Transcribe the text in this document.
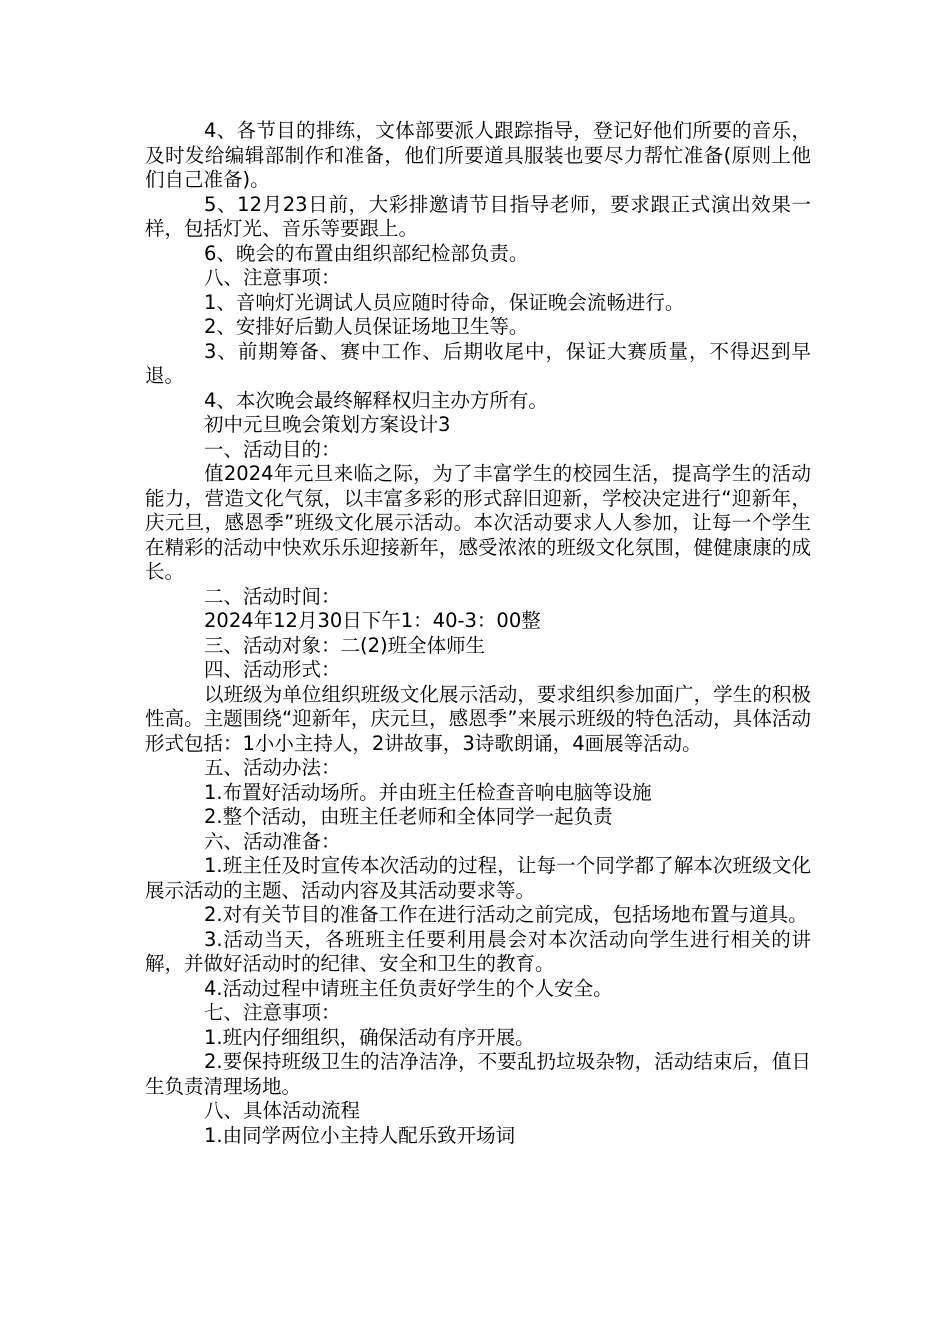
4、各节目的排练，文体部要派人跟踪指导，登记好他们所要的音乐，及时发给编辑部制作和准备，他们所要道具服装也要尽力帮忙准备(原则上他们自己准备)。

5、12月23日前，大彩排邀请节目指导老师，要求跟正式演出效果一样，包括灯光、音乐等要跟上。

6、晚会的布置由组织部纪检部负责。

八、注意事项：

1、音响灯光调试人员应随时待命，保证晚会流畅进行。

2、安排好后勤人员保证场地卫生等。

3、前期筹备、赛中工作、后期收尾中，保证大赛质量，不得迟到早退。

4、本次晚会最终解释权归主办方所有。

初中元旦晚会策划方案设计3

一、活动目的：

值2024年元旦来临之际，为了丰富学生的校园生活，提高学生的活动能力，营造文化气氛，以丰富多彩的形式辞旧迎新，学校决定进行“迎新年，庆元旦，感恩季”班级文化展示活动。本次活动要求人人参加，让每一个学生在精彩的活动中快欢乐乐迎接新年，感受浓浓的班级文化氛围，健健康康的成长。

二、活动时间：

2024年12月30日下午1：40-3：00整

三、活动对象：二(2)班全体师生

四、活动形式：

以班级为单位组织班级文化展示活动，要求组织参加面广，学生的积极性高。主题围绕“迎新年，庆元旦，感恩季”来展示班级的特色活动，具体活动形式包括：1小小主持人，2讲故事，3诗歌朗诵，4画展等活动。

五、活动办法：

1.布置好活动场所。并由班主任检查音响电脑等设施

2.整个活动，由班主任老师和全体同学一起负责

六、活动准备：

1.班主任及时宣传本次活动的过程，让每一个同学都了解本次班级文化展示活动的主题、活动内容及其活动要求等。

2.对有关节目的准备工作在进行活动之前完成，包括场地布置与道具。

3.活动当天，各班班主任要利用晨会对本次活动向学生进行相关的讲解，并做好活动时的纪律、安全和卫生的教育。

4.活动过程中请班主任负责好学生的个人安全。

七、注意事项：

1.班内仔细组织，确保活动有序开展。

2.要保持班级卫生的洁净洁净，不要乱扔垃圾杂物，活动结束后，值日生负责清理场地。

八、具体活动流程

1.由同学两位小主持人配乐致开场词
